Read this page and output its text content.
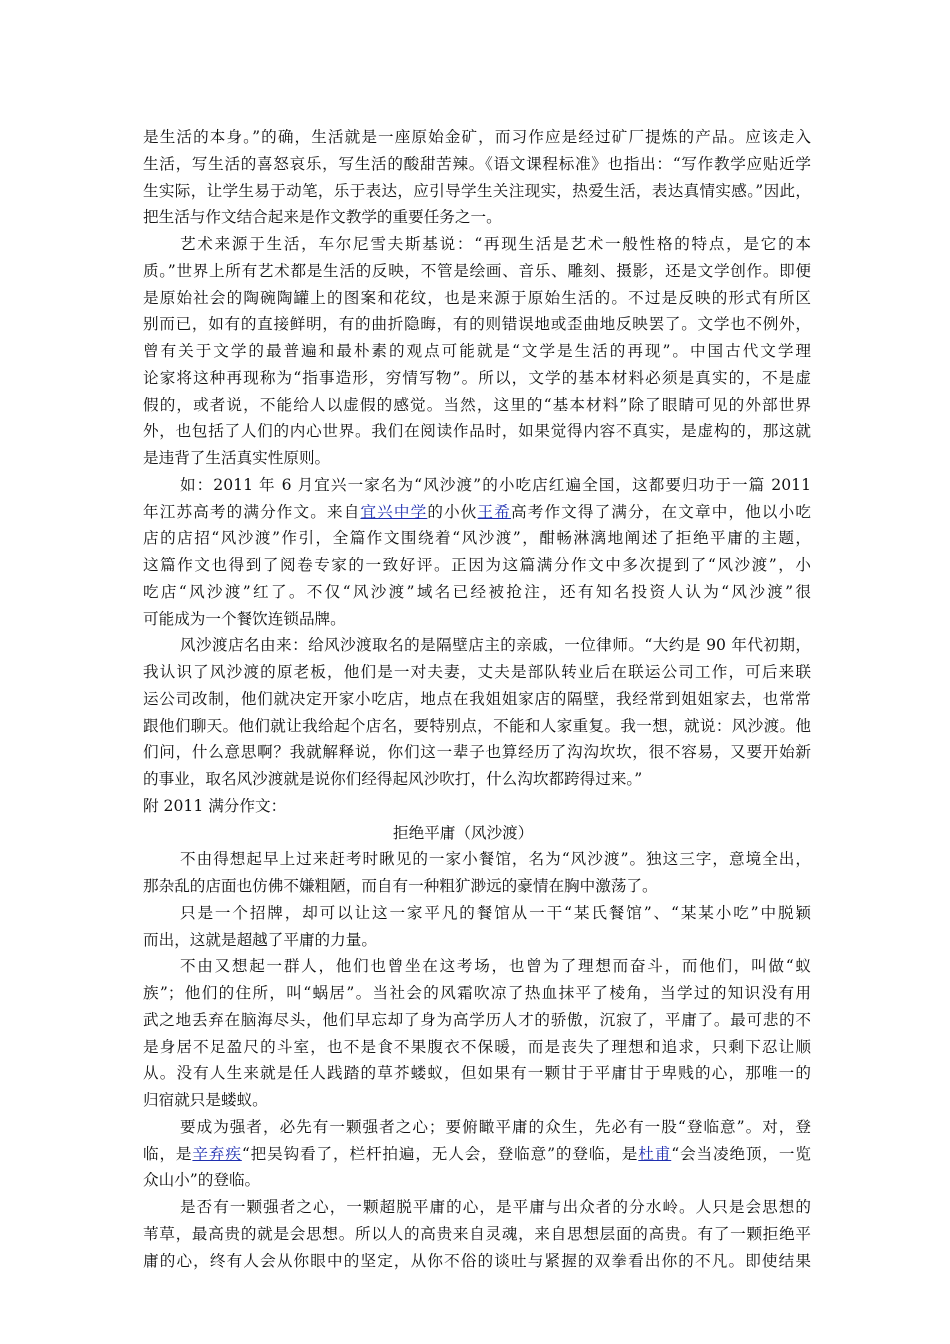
是生活的本身。”的确，生活就是一座原始金矿，而习作应是经过矿厂提炼的产品。应该走入
生活，写生活的喜怒哀乐，写生活的酸甜苦辣。《语文课程标准》也指出：“写作教学应贴近学
生实际，让学生易于动笔，乐于表达，应引导学生关注现实，热爱生活，表达真情实感。”因此，
把生活与作文结合起来是作文教学的重要任务之一。
艺术来源于生活，车尔尼雪夫斯基说：“再现生活是艺术一般性格的特点，是它的本
质。”世界上所有艺术都是生活的反映，不管是绘画、音乐、雕刻、摄影，还是文学创作。即便
是原始社会的陶碗陶罐上的图案和花纹，也是来源于原始生活的。不过是反映的形式有所区
别而已，如有的直接鲜明，有的曲折隐晦，有的则错误地或歪曲地反映罢了。文学也不例外，
曾有关于文学的最普遍和最朴素的观点可能就是“文学是生活的再现”。中国古代文学理
论家将这种再现称为“指事造形，穷情写物”。所以，文学的基本材料必须是真实的，不是虚
假的，或者说，不能给人以虚假的感觉。当然，这里的“基本材料”除了眼睛可见的外部世界
外，也包括了人们的内心世界。我们在阅读作品时，如果觉得内容不真实，是虚构的，那这就
是违背了生活真实性原则。
如：2011 年 6 月宜兴一家名为“风沙渡”的小吃店红遍全国，这都要归功于一篇 2011
年江苏高考的满分作文。来自宜兴中学的小伙王希高考作文得了满分，在文章中，他以小吃
店的店招“风沙渡”作引，全篇作文围绕着“风沙渡”，酣畅淋漓地阐述了拒绝平庸的主题，
这篇作文也得到了阅卷专家的一致好评。正因为这篇满分作文中多次提到了“风沙渡”，小
吃店“风沙渡”红了。不仅“风沙渡”域名已经被抢注，还有知名投资人认为“风沙渡”很
可能成为一个餐饮连锁品牌。
风沙渡店名由来：给风沙渡取名的是隔壁店主的亲戚，一位律师。“大约是 90 年代初期，
我认识了风沙渡的原老板，他们是一对夫妻，丈夫是部队转业后在联运公司工作，可后来联
运公司改制，他们就决定开家小吃店，地点在我姐姐家店的隔壁，我经常到姐姐家去，也常常
跟他们聊天。他们就让我给起个店名，要特别点，不能和人家重复。我一想，就说：风沙渡。他
们问，什么意思啊？我就解释说，你们这一辈子也算经历了沟沟坎坎，很不容易，又要开始新
的事业，取名风沙渡就是说你们经得起风沙吹打，什么沟坎都跨得过来。”
附 2011 满分作文：
拒绝平庸（风沙渡）
不由得想起早上过来赶考时瞅见的一家小餐馆，名为“风沙渡”。独这三字，意境全出，
那杂乱的店面也仿佛不嫌粗陋，而自有一种粗犷渺远的豪情在胸中激荡了。
只是一个招牌，却可以让这一家平凡的餐馆从一干“某氏餐馆”、“某某小吃”中脱颖
而出，这就是超越了平庸的力量。
不由又想起一群人，他们也曾坐在这考场，也曾为了理想而奋斗，而他们，叫做“蚁
族”；他们的住所，叫“蜗居”。当社会的风霜吹凉了热血抹平了棱角，当学过的知识没有用
武之地丢弃在脑海尽头，他们早忘却了身为高学历人才的骄傲，沉寂了，平庸了。最可悲的不
是身居不足盈尺的斗室，也不是食不果腹衣不保暖，而是丧失了理想和追求，只剩下忍让顺
从。没有人生来就是任人践踏的草芥蝼蚁，但如果有一颗甘于平庸甘于卑贱的心，那唯一的
归宿就只是蝼蚁。
要成为强者，必先有一颗强者之心；要俯瞰平庸的众生，先必有一股“登临意”。对，登
临，是辛弃疾“把吴钩看了，栏杆拍遍，无人会，登临意”的登临，是杜甫“会当凌绝顶，一览
众山小”的登临。
是否有一颗强者之心，一颗超脱平庸的心，是平庸与出众者的分水岭。人只是会思想的
苇草，最高贵的就是会思想。所以人的高贵来自灵魂，来自思想层面的高贵。有了一颗拒绝平
庸的心，终有人会从你眼中的坚定，从你不俗的谈吐与紧握的双拳看出你的不凡。即使结果
